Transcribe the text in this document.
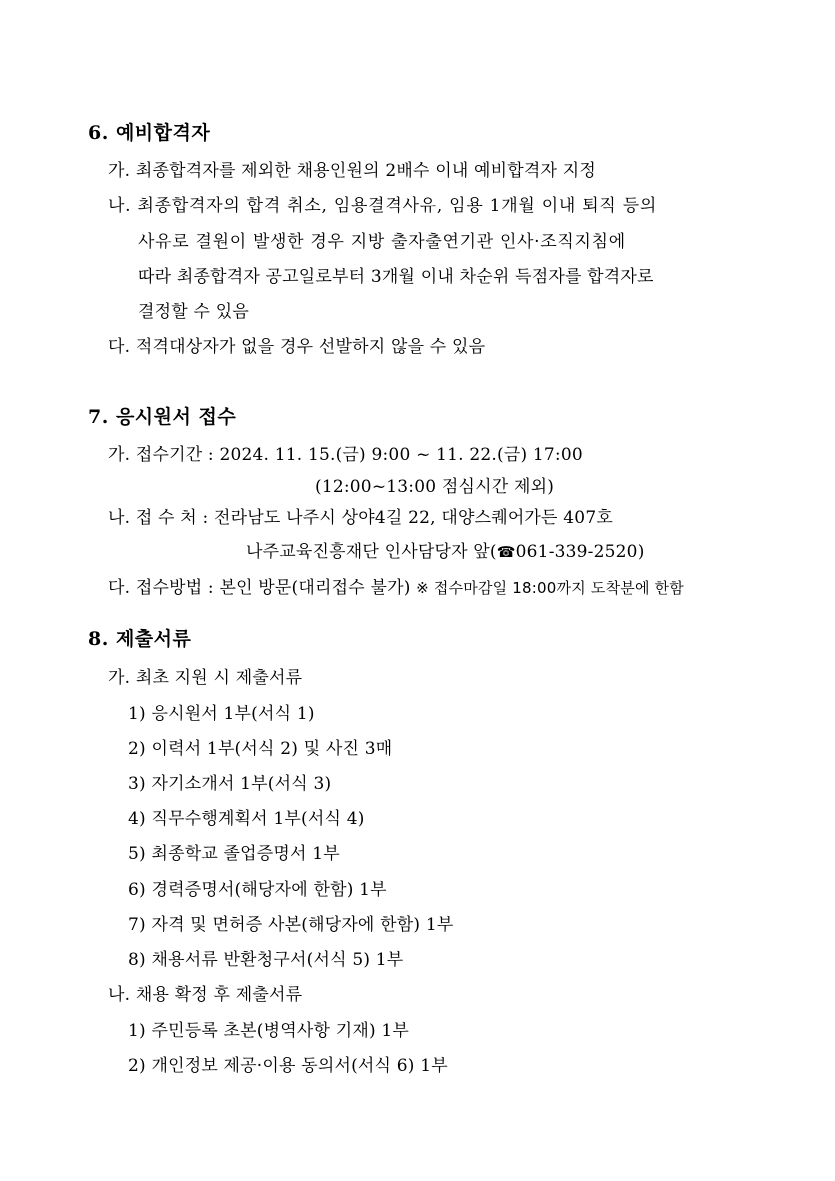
6. 예비합격자
가. 최종합격자를 제외한 채용인원의 2배수 이내 예비합격자 지정
나. 최종합격자의 합격 취소, 임용결격사유, 임용 1개월 이내 퇴직 등의
사유로 결원이 발생한 경우 지방 출자출연기관 인사·조직지침에
따라 최종합격자 공고일로부터 3개월 이내 차순위 득점자를 합격자로
결정할 수 있음
다. 적격대상자가 없을 경우 선발하지 않을 수 있음
7. 응시원서 접수
가. 접수기간 : 2024. 11. 15.(금) 9:00 ~ 11. 22.(금) 17:00
(12:00~13:00 점심시간 제외)
나. 접 수 처 : 전라남도 나주시 상야4길 22, 대양스퀘어가든 407호
나주교육진흥재단 인사담당자 앞(☎061-339-2520)
다. 접수방법 : 본인 방문(대리접수 불가) ※ 접수마감일 18:00까지 도착분에 한함
8. 제출서류
가. 최초 지원 시 제출서류
1) 응시원서 1부(서식 1)
2) 이력서 1부(서식 2) 및 사진 3매
3) 자기소개서 1부(서식 3)
4) 직무수행계획서 1부(서식 4)
5) 최종학교 졸업증명서 1부
6) 경력증명서(해당자에 한함) 1부
7) 자격 및 면허증 사본(해당자에 한함) 1부
8) 채용서류 반환청구서(서식 5) 1부
나. 채용 확정 후 제출서류
1) 주민등록 초본(병역사항 기재) 1부
2) 개인정보 제공·이용 동의서(서식 6) 1부
